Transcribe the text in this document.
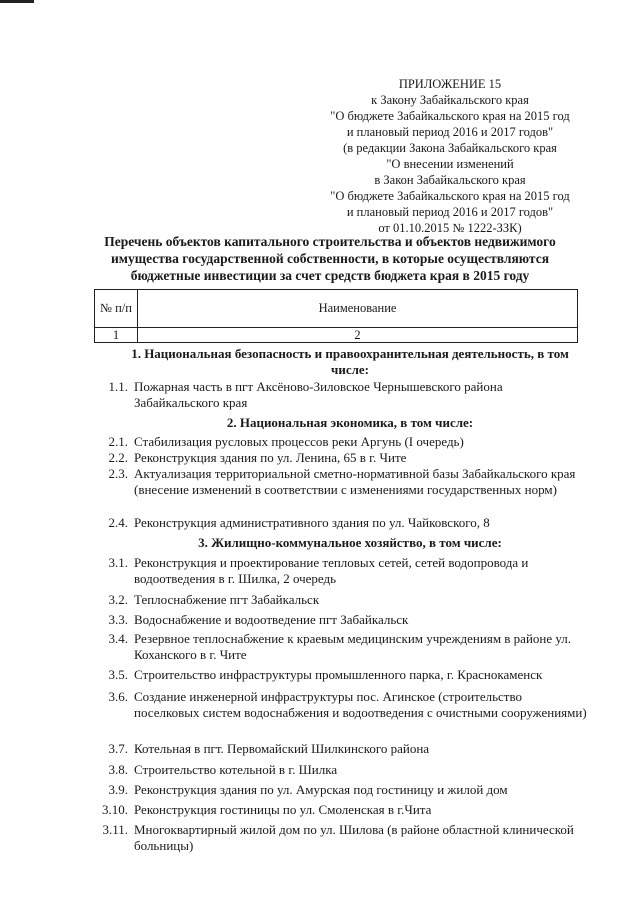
ПРИЛОЖЕНИЕ 15
к Закону Забайкальского края
"О бюджете Забайкальского края на 2015 год
и плановый период 2016 и 2017 годов"
(в редакции Закона Забайкальского края
"О внесении изменений
в Закон Забайкальского края
"О бюджете Забайкальского края на 2015 год
и плановый период 2016 и 2017 годов"
от 01.10.2015 № 1222-ЗЗК)
Перечень объектов капитального строительства и объектов недвижимого
имущества государственной собственности, в которые осуществляются
бюджетные инвестиции за счет средств бюджета края в 2015 году
№ п/п	Наименование
1	2
1. Национальная безопасность и правоохранительная деятельность, в том числе:
1.1. Пожарная часть в пгт Аксёново-Зиловское Чернышевского района Забайкальского края
2. Национальная экономика, в том числе:
2.1. Стабилизация русловых процессов реки Аргунь (I очередь)
2.2. Реконструкция здания по ул. Ленина, 65 в г. Чите
2.3. Актуализация территориальной сметно-нормативной базы Забайкальского края (внесение изменений в соответствии с изменениями государственных норм)
2.4. Реконструкция административного здания по ул. Чайковского, 8
3. Жилищно-коммунальное хозяйство, в том числе:
3.1. Реконструкция и проектирование тепловых сетей, сетей водопровода и водоотведения в г. Шилка, 2 очередь
3.2. Теплоснабжение пгт Забайкальск
3.3. Водоснабжение и водоотведение пгт Забайкальск
3.4. Резервное теплоснабжение к краевым медицинским учреждениям в районе ул. Коханского в г. Чите
3.5. Строительство инфраструктуры промышленного парка, г. Краснокаменск
3.6. Создание инженерной инфраструктуры пос. Агинское (строительство поселковых систем водоснабжения и водоотведения с очистными сооружениями)
3.7. Котельная в пгт. Первомайский Шилкинского района
3.8. Строительство котельной в г. Шилка
3.9. Реконструкция здания по ул. Амурская под гостиницу и жилой дом
3.10. Реконструкция гостиницы по ул. Смоленская в г.Чита
3.11. Многоквартирный жилой дом по ул. Шилова (в районе областной клинической больницы)
